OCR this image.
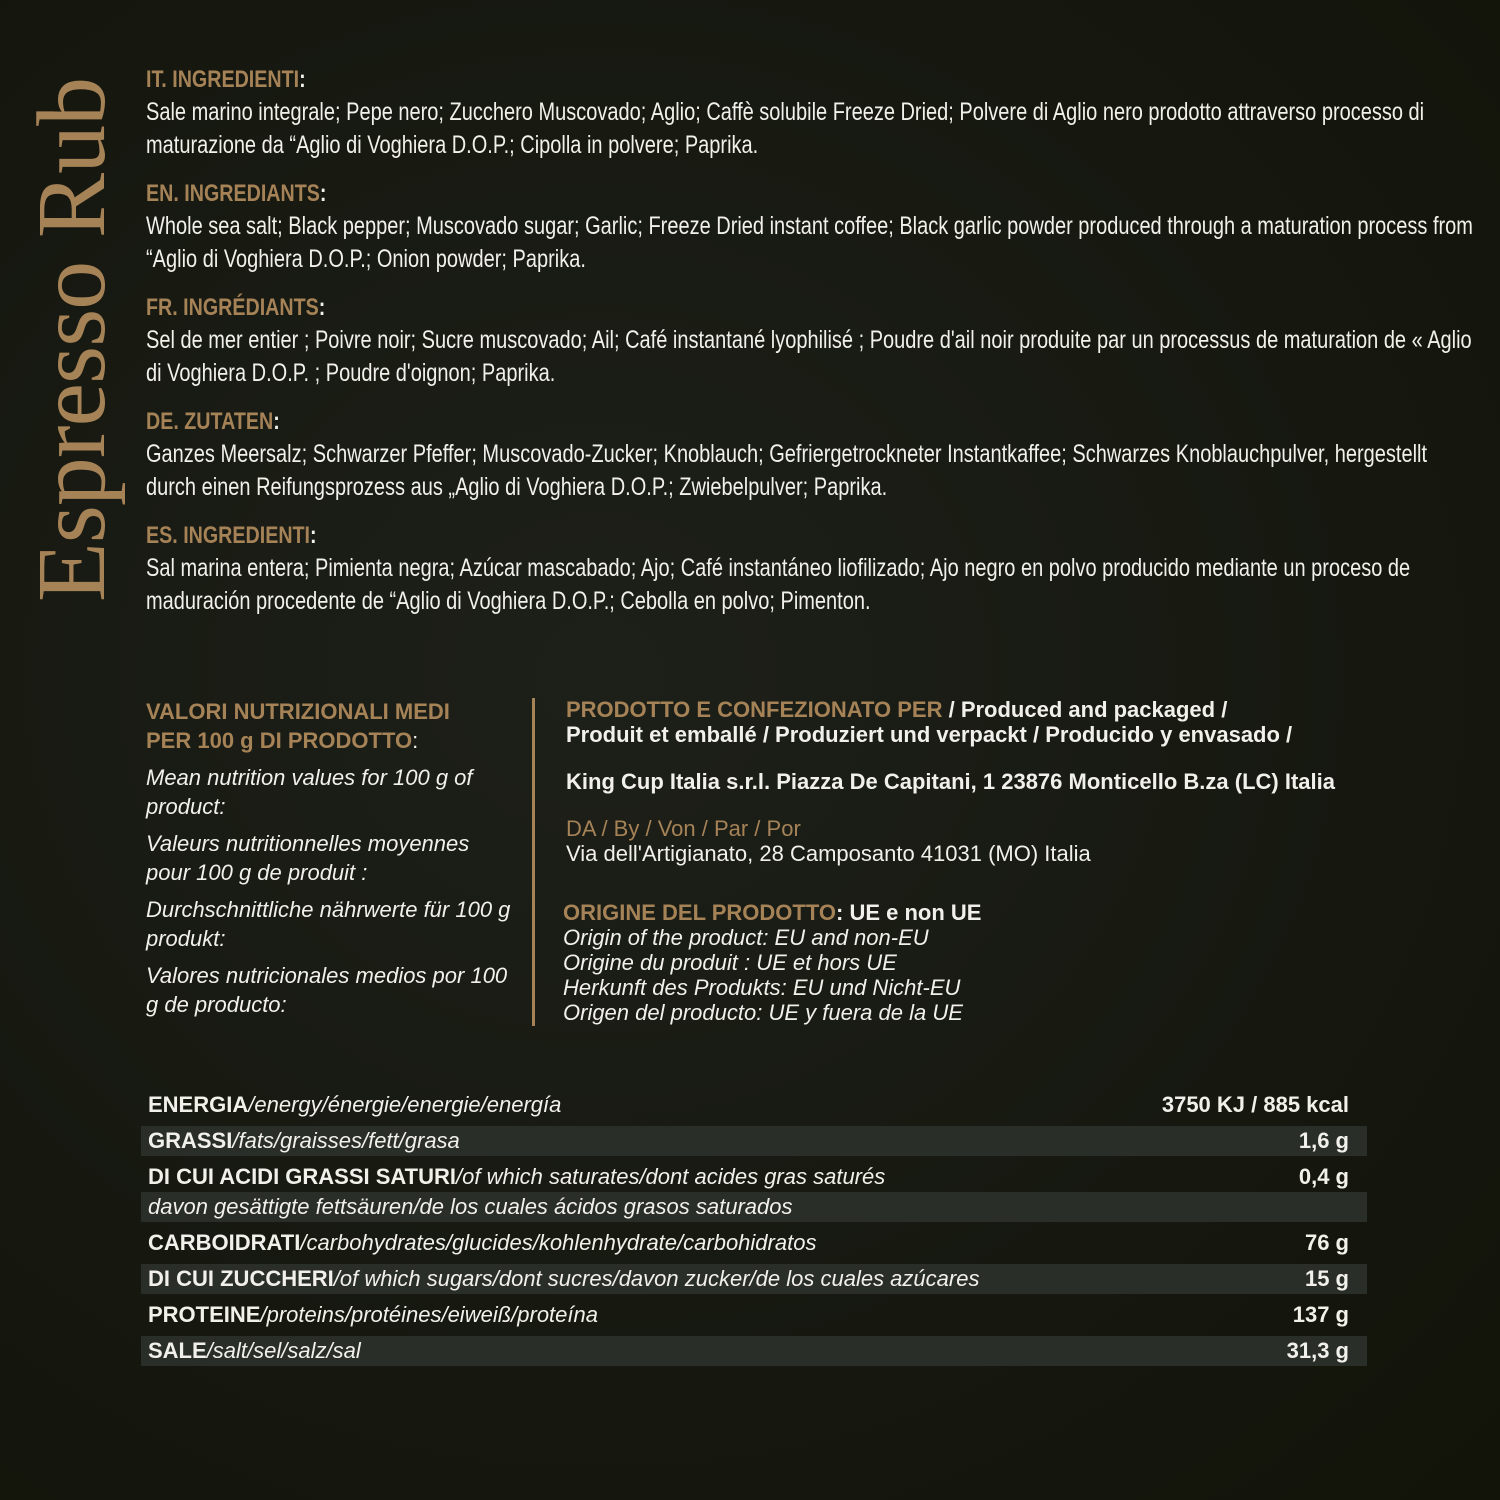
Espresso Rub IT. INGREDIENTI:
Sale marino integrale; Pepe nero; Zucchero Muscovado; Aglio; Caffè solubile Freeze Dried; Polvere di Aglio nero prodotto attraverso processo di maturazione da “Aglio di Voghiera D.O.P.; Cipolla in polvere; Paprika.
EN. INGREDIANTS:
Whole sea salt; Black pepper; Muscovado sugar; Garlic; Freeze Dried instant coffee; Black garlic powder produced through a maturation process from “Aglio di Voghiera D.O.P.; Onion powder; Paprika.
FR. INGRÉDIANTS:
Sel de mer entier ; Poivre noir; Sucre muscovado; Ail; Café instantané lyophilisé ; Poudre d'ail noir produite par un processus de maturation de « Aglio di Voghiera D.O.P. ; Poudre d'oignon; Paprika.
DE. ZUTATEN:
Ganzes Meersalz; Schwarzer Pfeffer; Muscovado-Zucker; Knoblauch; Gefriergetrockneter Instantkaffee; Schwarzes Knoblauchpulver, hergestellt durch einen Reifungsprozess aus „Aglio di Voghiera D.O.P.; Zwiebelpulver; Paprika.
ES. INGREDIENTI:
Sal marina entera; Pimienta negra; Azúcar mascabado; Ajo; Café instantáneo liofilizado; Ajo negro en polvo producido mediante un proceso de maduración procedente de “Aglio di Voghiera D.O.P.; Cebolla en polvo; Pimenton.
VALORI NUTRIZIONALI MEDI
PER 100 g DI PRODOTTO:
Mean nutrition values for 100 g of product:
Valeurs nutritionnelles moyennes pour 100 g de produit :
Durchschnittliche nährwerte für 100 g produkt:
Valores nutricionales medios por 100 g de producto:
PRODOTTO E CONFEZIONATO PER / Produced and packaged /
Produit et emballé / Produziert und verpackt / Producido y envasado /
King Cup Italia s.r.l. Piazza De Capitani, 1 23876 Monticello B.za (LC) Italia
DA / By / Von / Par / Por
Via dell'Artigianato, 28 Camposanto 41031 (MO) Italia
ORIGINE DEL PRODOTTO: UE e non UE
Origin of the product: EU and non-EU
Origine du produit : UE et hors UE
Herkunft des Produkts: EU und Nicht-EU
Origen del producto: UE y fuera de la UE
ENERGIA/energy/énergie/energie/energía	3750 KJ / 885 kcal
GRASSI/fats/graisses/fett/grasa	1,6 g
DI CUI ACIDI GRASSI SATURI/of which saturates/dont acides gras saturés	0,4 g
davon gesättigte fettsäuren/de los cuales ácidos grasos saturados
CARBOIDRATI/carbohydrates/glucides/kohlenhydrate/carbohidratos	76 g
DI CUI ZUCCHERI/of which sugars/dont sucres/davon zucker/de los cuales azúcares	15 g
PROTEINE/proteins/protéines/eiweiß/proteína	137 g
SALE/salt/sel/salz/sal	31,3 g
